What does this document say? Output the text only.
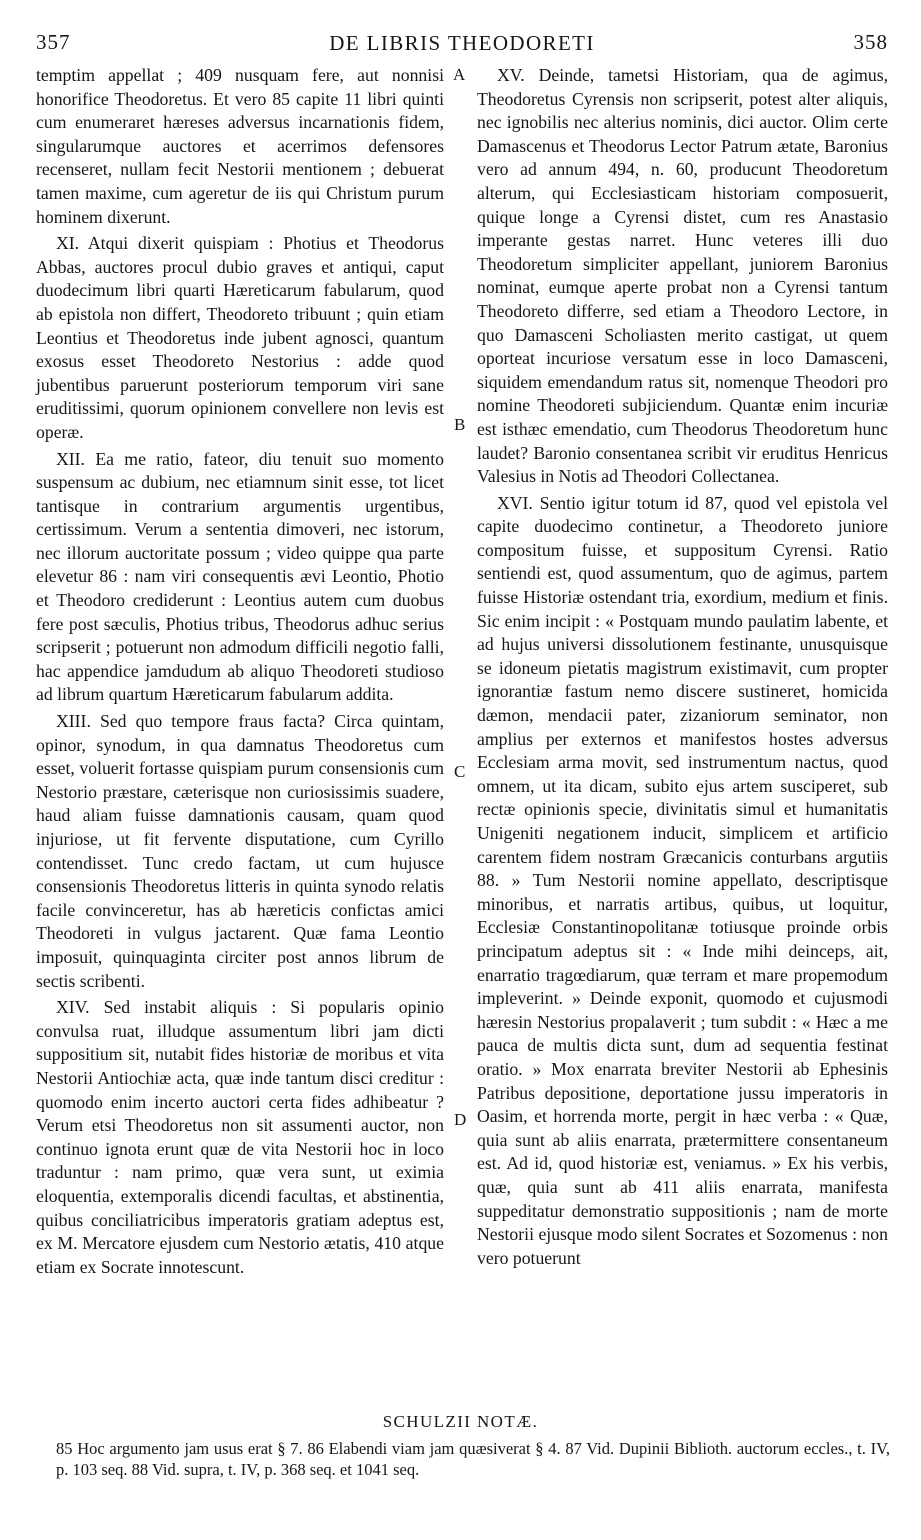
357	DE LIBRIS THEODORETI	358

temptim appellat ; 409 nusquam fere, aut nonnisi honorifice Theodoretus. Et vero 85 capite 11 libri quinti cum enumeraret hæreses adversus incarnationis fidem, singularumque auctores et acerrimos defensores recenseret, nullam fecit Nestorii mentionem ; debuerat tamen maxime, cum ageretur de iis qui Christum purum hominem dixerunt.

XI. Atqui dixerit quispiam : Photius et Theodorus Abbas, auctores procul dubio graves et antiqui, caput duodecimum libri quarti Hæreticarum fabularum, quod ab epistola non differt, Theodoreto tribuunt ; quin etiam Leontius et Theodoretus inde jubent agnosci, quantum exosus esset Theodoreto Nestorius : adde quod jubentibus paruerunt posteriorum temporum viri sane eruditissimi, quorum opinionem convellere non levis est operæ.

XII. Ea me ratio, fateor, diu tenuit suo momento suspensum ac dubium, nec etiamnum sinit esse, tot licet tantisque in contrarium argumentis urgentibus, certissimum. Verum a sententia dimoveri, nec istorum, nec illorum auctoritate possum ; video quippe qua parte elevetur 86 : nam viri consequentis ævi Leontio, Photio et Theodoro crediderunt : Leontius autem cum duobus fere post sæculis, Photius tribus, Theodorus adhuc serius scripserit ; potuerunt non admodum difficili negotio falli, hac appendice jamdudum ab aliquo Theodoreti studioso ad librum quartum Hæreticarum fabularum addita.

XIII. Sed quo tempore fraus facta? Circa quintam, opinor, synodum, in qua damnatus Theodoretus cum esset, voluerit fortasse quispiam purum consensionis cum Nestorio præstare, cæterisque non curiosissimis suadere, haud aliam fuisse damnationis causam, quam quod injuriose, ut fit fervente disputatione, cum Cyrillo contendisset. Tunc credo factam, ut cum hujusce consensionis Theodoretus litteris in quinta synodo relatis facile convinceretur, has ab hæreticis confictas amici Theodoreti in vulgus jactarent. Quæ fama Leontio imposuit, quinquaginta circiter post annos librum de sectis scribenti.

XIV. Sed instabit aliquis : Si popularis opinio convulsa ruat, illudque assumentum libri jam dicti suppositium sit, nutabit fides historiæ de moribus et vita Nestorii Antiochiæ acta, quæ inde tantum disci creditur : quomodo enim incerto auctori certa fides adhibeatur ? Verum etsi Theodoretus non sit assumenti auctor, non continuo ignota erunt quæ de vita Nestorii hoc in loco traduntur : nam primo, quæ vera sunt, ut eximia eloquentia, extemporalis dicendi facultas, et abstinentia, quibus conciliatricibus imperatoris gratiam adeptus est, ex M. Mercatore ejusdem cum Nestorio ætatis, 410 atque etiam ex Socrate innotescunt.

A
B
C
D

XV. Deinde, tametsi Historiam, qua de agimus, Theodoretus Cyrensis non scripserit, potest alter aliquis, nec ignobilis nec alterius nominis, dici auctor. Olim certe Damascenus et Theodorus Lector Patrum ætate, Baronius vero ad annum 494, n. 60, producunt Theodoretum alterum, qui Ecclesiasticam historiam composuerit, quique longe a Cyrensi distet, cum res Anastasio imperante gestas narret. Hunc veteres illi duo Theodoretum simpliciter appellant, juniorem Baronius nominat, eumque aperte probat non a Cyrensi tantum Theodoreto differre, sed etiam a Theodoro Lectore, in quo Damasceni Scholiasten merito castigat, ut quem oporteat incuriose versatum esse in loco Damasceni, siquidem emendandum ratus sit, nomenque Theodori pro nomine Theodoreti subjiciendum. Quantæ enim incuriæ est isthæc emendatio, cum Theodorus Theodoretum hunc laudet? Baronio consentanea scribit vir eruditus Henricus Valesius in Notis ad Theodori Collectanea.

XVI. Sentio igitur totum id 87, quod vel epistola vel capite duodecimo continetur, a Theodoreto juniore compositum fuisse, et suppositum Cyrensi. Ratio sentiendi est, quod assumentum, quo de agimus, partem fuisse Historiæ ostendant tria, exordium, medium et finis. Sic enim incipit : « Postquam mundo paulatim labente, et ad hujus universi dissolutionem festinante, unusquisque se idoneum pietatis magistrum existimavit, cum propter ignorantiæ fastum nemo discere sustineret, homicida dæmon, mendacii pater, zizaniorum seminator, non amplius per externos et manifestos hostes adversus Ecclesiam arma movit, sed instrumentum nactus, quod omnem, ut ita dicam, subito ejus artem susciperet, sub rectæ opinionis specie, divinitatis simul et humanitatis Unigeniti negationem inducit, simplicem et artificio carentem fidem nostram Græcanicis conturbans argutiis 88. » Tum Nestorii nomine appellato, descriptisque minoribus, et narratis artibus, quibus, ut loquitur, Ecclesiæ Constantinopolitanæ totiusque proinde orbis principatum adeptus sit : « Inde mihi deinceps, ait, enarratio tragœdiarum, quæ terram et mare propemodum impleverint. » Deinde exponit, quomodo et cujusmodi hæresin Nestorius propalaverit ; tum subdit : « Hæc a me pauca de multis dicta sunt, dum ad sequentia festinat oratio. » Mox enarrata breviter Nestorii ab Ephesinis Patribus depositione, deportatione jussu imperatoris in Oasim, et horrenda morte, pergit in hæc verba : « Quæ, quia sunt ab aliis enarrata, prætermittere consentaneum est. Ad id, quod historiæ est, veniamus. » Ex his verbis, quæ, quia sunt ab 411 aliis enarrata, manifesta suppeditatur demonstratio suppositionis ; nam de morte Nestorii ejusque modo silent Socrates et Sozomenus : non vero potuerunt

SCHULZII NOTÆ.

85 Hoc argumento jam usus erat § 7. 86 Elabendi viam jam quæsiverat § 4. 87 Vid. Dupinii Biblioth. auctorum eccles., t. IV, p. 103 seq. 88 Vid. supra, t. IV, p. 368 seq. et 1041 seq.
